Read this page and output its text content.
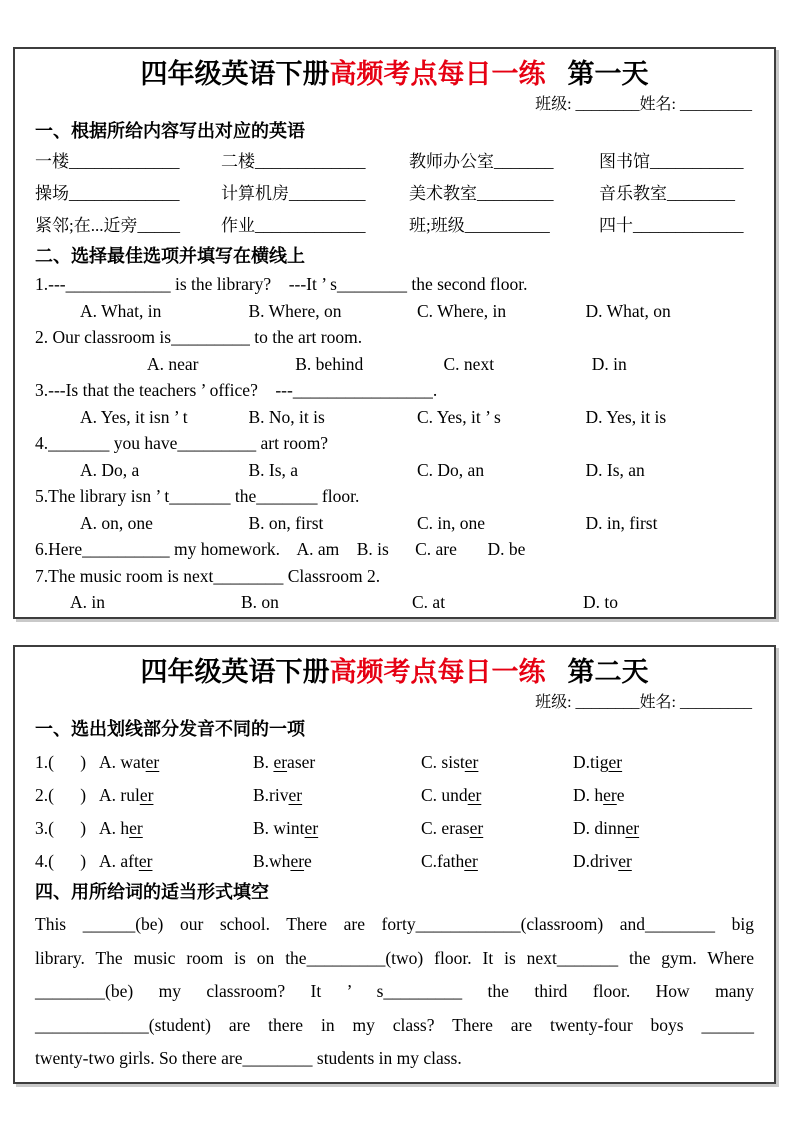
四年级英语下册高频考点每日一练 第一天
班级: ________姓名: _________
一、根据所给内容写出对应的英语
一楼_____________	二楼_____________	教师办公室_______	图书馆___________
操场_____________	计算机房_________	美术教室_________	音乐教室________
紧邻;在...近旁_____	作业_____________	班;班级__________	四十_____________
二、选择最佳选项并填写在横线上
1.---____________ is the library?    ---It ’ s________ the second floor.
A. What, in	B. Where, on	C. Where, in	D. What, on
2. Our classroom is_________ to the art room.
A. near	B. behind	C. next	D. in
3.---Is that the teachers ’ office?    ---________________.
A. Yes, it isn ’ t	B. No, it is	C. Yes, it ’ s	D. Yes, it is
4._______ you have_________ art room?
A. Do, a	B. Is, a	C. Do, an	D. Is, an
5.The library isn ’ t_______ the_______ floor.
A. on, one	B. on, first	C. in, one	D. in, first
6.Here__________ my homework.    A. am    B. is      C. are       D. be
7.The music room is next________ Classroom 2.
A. in	B. on	C. at	D. to
四年级英语下册高频考点每日一练 第二天
班级: ________姓名: _________
一、选出划线部分发音不同的一项
1.(      ) A. water	B. eraser	C. sister	D.tiger
2.(      ) A. ruler	B.river	C. under	D. here
3.(      ) A. her	B. winter	C. eraser	D. dinner
4.(      ) A. after	B.where	C.father	D.driver
四、用所给词的适当形式填空
This ______(be) our school. There are forty____________(classroom) and________ big
library. The music room is on the_________(two) floor. It is next_______ the gym. Where
________(be) my classroom? It ’ s_________ the third floor. How many
_____________(student) are there in my class? There are twenty-four boys ______
twenty-two girls. So there are________ students in my class.
